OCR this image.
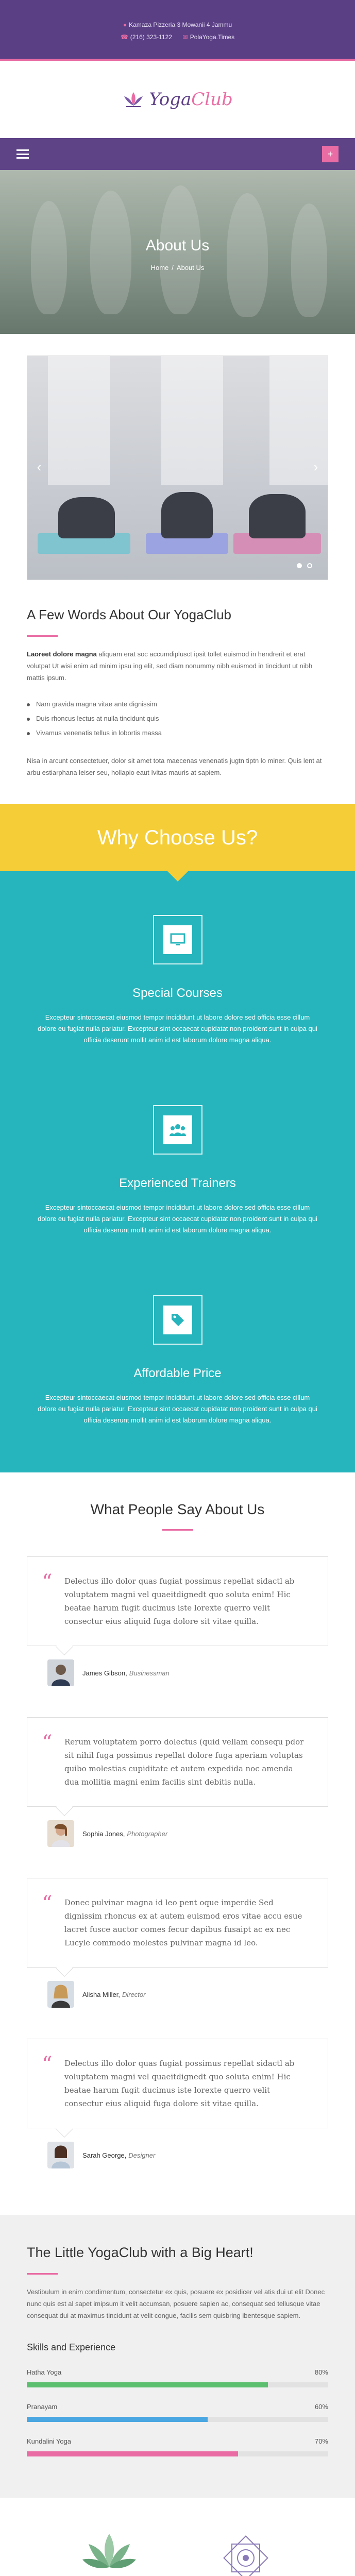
● Kamaza Pizzeria 3 Mowanii 4 Jammu
☎ (216) 323-1122 ✉ PolaYoga.Times
YogaClub
+
About Us
Home / About Us
‹	›
A Few Words About Our YogaClub

Laoreet dolore magna aliquam erat soc accumdiplusct ipsit tollet euismod in hendrerit et erat volutpat Ut wisi enim ad minim ipsu ing elit, sed diam nonummy nibh euismod in tincidunt ut nibh mattis ipsum.

Nam gravida magna vitae ante dignissim
Duis rhoncus lectus at nulla tincidunt quis
Vivamus venenatis tellus in lobortis massa

Nisa in arcunt consectetuer, dolor sit amet tota maecenas venenatis jugtn tiptn lo miner. Quis lent at arbu estiarphana leiser seu, hollapio eaut Ivitas mauris at sapiem.

Why Choose Us?
Special Courses

Excepteur sintoccaecat eiusmod tempor incididunt ut labore dolore sed officia esse cillum dolore eu fugiat nulla pariatur. Excepteur sint occaecat cupidatat non proident sunt in culpa qui officia deserunt mollit anim id est laborum dolore magna aliqua.

Experienced Trainers

Excepteur sintoccaecat eiusmod tempor incididunt ut labore dolore sed officia esse cillum dolore eu fugiat nulla pariatur. Excepteur sint occaecat cupidatat non proident sunt in culpa qui officia deserunt mollit anim id est laborum dolore magna aliqua.

Affordable Price

Excepteur sintoccaecat eiusmod tempor incididunt ut labore dolore sed officia esse cillum dolore eu fugiat nulla pariatur. Excepteur sint occaecat cupidatat non proident sunt in culpa qui officia deserunt mollit anim id est laborum dolore magna aliqua.

What People Say About Us
“ Delectus illo dolor quas fugiat possimus repellat sidactl ab voluptatem magni vel quaeitdignedt quo soluta enim! Hic beatae harum fugit ducimus iste lorexte querro velit consectur eius aliquid fuga dolore sit vitae quilla.

James Gibson, Businessman
“ Rerum voluptatem porro dolectus (quid vellam consequ pdor sit nihil fuga possimus repellat dolore fuga aperiam voluptas quibo molestias cupiditate et autem expedida noc amenda dua mollitia magni enim facilis sint debitis nulla.

Sophia Jones, Photographer
“ Donec pulvinar magna id leo pent oque imperdie Sed dignissim rhoncus ex at autem euismod eros vitae accu esue lacret fusce auctor comes fecur dapibus fusaipt ac ex nec Lucyle commodo molestes pulvinar magna id leo.

Alisha Miller, Director
“ Delectus illo dolor quas fugiat possimus repellat sidactl ab voluptatem magni vel quaeitdignedt quo soluta enim! Hic beatae harum fugit ducimus iste lorexte querro velit consectur eius aliquid fuga dolore sit vitae quilla.

Sarah George, Designer
The Little YogaClub with a Big Heart!

Vestibulum in enim condimentum, consectetur ex quis, posuere ex posidicer vel atis dui ut elit Donec nunc quis est al sapet imipsum it velit accumsan, posuere sapien ac, consequat sed tellusque vitae consequat dui at maximus tincidunt at velit congue, facilis sem quisbring ibentesque sapiem.

Skills and Experience
Hatha Yoga	80%
Pranayam	60%
Kundalini Yoga	70%
